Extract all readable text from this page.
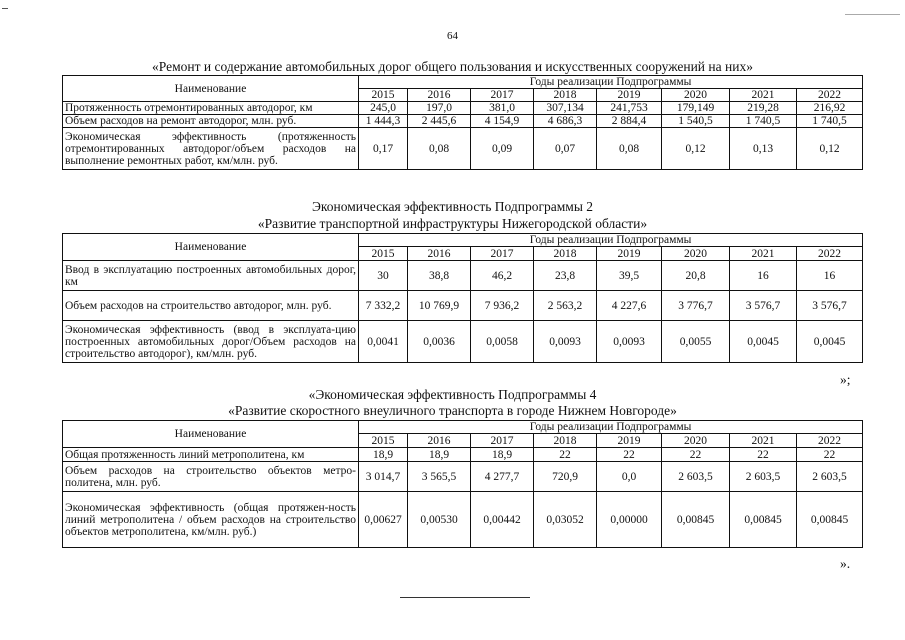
64
«Ремонт и содержание автомобильных дорог общего пользования и искусственных сооружений на них»
Наименование	Годы реализации Подпрограммы							
	2015	2016	2017	2018	2019	2020	2021	2022
Протяженность отремонтированных автодорог, км	245,0	197,0	381,0	307,134	241,753	179,149	219,28	216,92
Объем расходов на ремонт автодорог, млн. руб.	1 444,3	2 445,6	4 154,9	4 686,3	2 884,4	1 540,5	1 740,5	1 740,5
Экономическая эффективность (протяженность отремонтированных автодорог/объем расходов на выполнение ремонтных работ, км/млн. руб.	0,17	0,08	0,09	0,07	0,08	0,12	0,13	0,12
Экономическая эффективность Подпрограммы 2
«Развитие транспортной инфраструктуры Нижегородской области»
Наименование	Годы реализации Подпрограммы							
	2015	2016	2017	2018	2019	2020	2021	2022
Ввод в эксплуатацию построенных автомобильных дорог, км	30	38,8	46,2	23,8	39,5	20,8	16	16
Объем расходов на строительство автодорог, млн. руб.	7 332,2	10 769,9	7 936,2	2 563,2	4 227,6	3 776,7	3 576,7	3 576,7
Экономическая эффективность (ввод в эксплуата-цию построенных автомобильных дорог/Объем расходов на строительство автодорог), км/млн. руб.	0,0041	0,0036	0,0058	0,0093	0,0093	0,0055	0,0045	0,0045
»;
«Экономическая эффективность Подпрограммы 4
«Развитие скоростного внеуличного транспорта в городе Нижнем Новгороде»
Наименование	Годы реализации Подпрограммы							
	2015	2016	2017	2018	2019	2020	2021	2022
Общая протяженность линий метрополитена, км	18,9	18,9	18,9	22	22	22	22	22
Объем расходов на строительство объектов метро-политена, млн. руб.	3 014,7	3 565,5	4 277,7	720,9	0,0	2 603,5	2 603,5	2 603,5
Экономическая эффективность (общая протяжен-ность линий метрополитена / объем расходов на строительство объектов метрополитена, км/млн. руб.)	0,00627	0,00530	0,00442	0,03052	0,00000	0,00845	0,00845	0,00845
».
